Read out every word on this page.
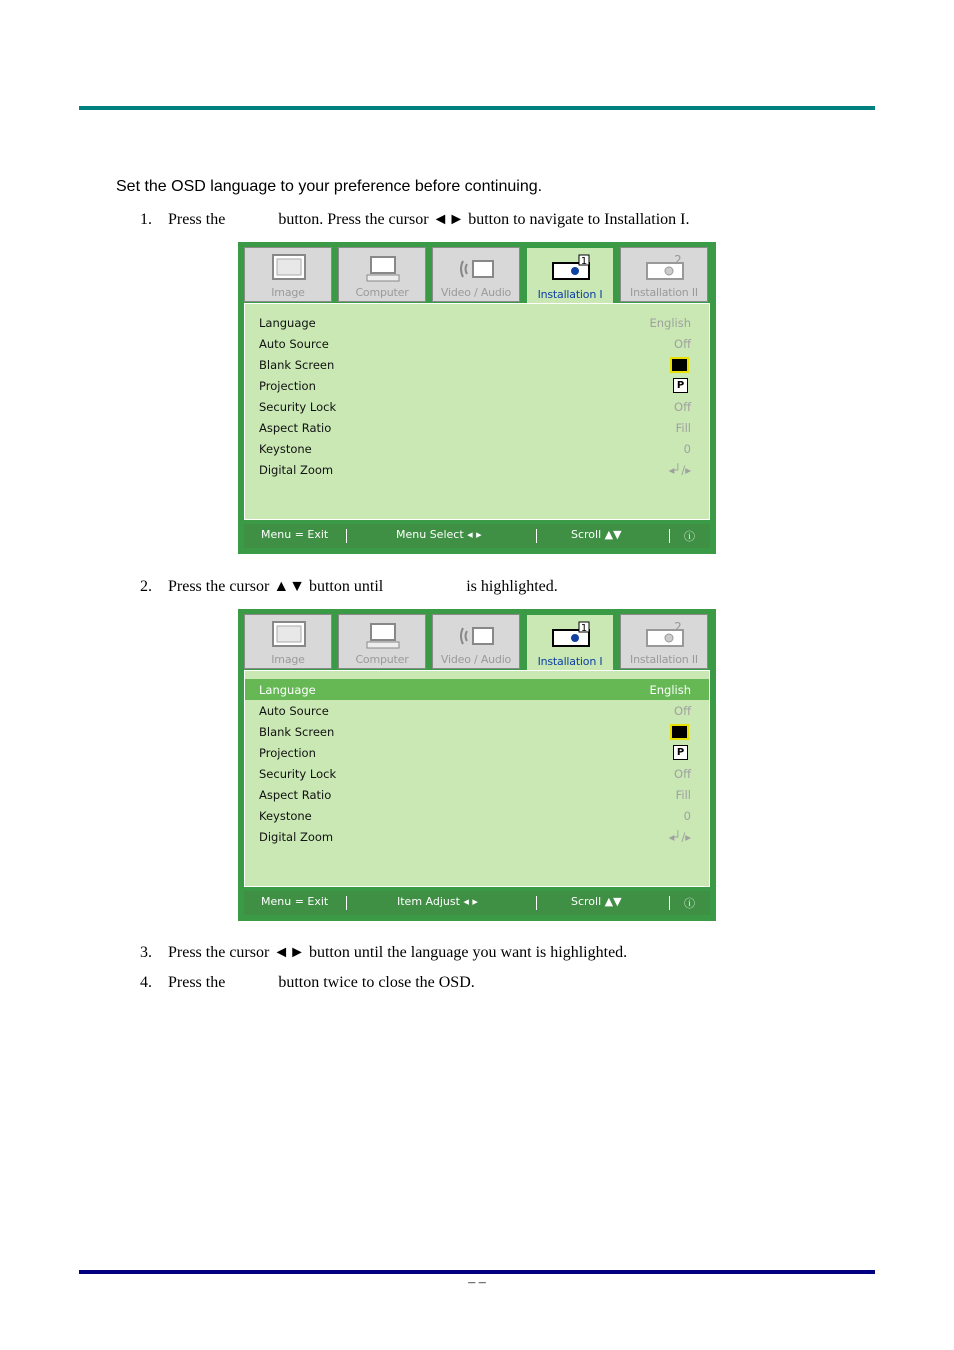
Set the OSD language to your preference before continuing.
1. Press the	button. Press the cursor ◄► button to navigate to Installation I.
Image	Computer	Video / Audio
1
Installation I
2
Installation II
Language	English
Auto Source	Off
Blank Screen
Projection	P
Security Lock	Off
Aspect Ratio	Fill
Keystone	0
Digital Zoom	◂┘/▸
Menu = Exit	Menu Select ◂ ▸	Scroll ▲▼	ⓘ
2. Press the cursor ▲▼ button until	is highlighted.
Image	Computer	Video / Audio
1
Installation I
2
Installation II
Language	English
Auto Source	Off
Blank Screen
Projection	P
Security Lock	Off
Aspect Ratio	Fill
Keystone	0
Digital Zoom	◂┘/▸
Menu = Exit	Item Adjust ◂ ▸	Scroll ▲▼	ⓘ
3. Press the cursor ◄► button until the language you want is highlighted.
4. Press the	button twice to close the OSD.
– –
